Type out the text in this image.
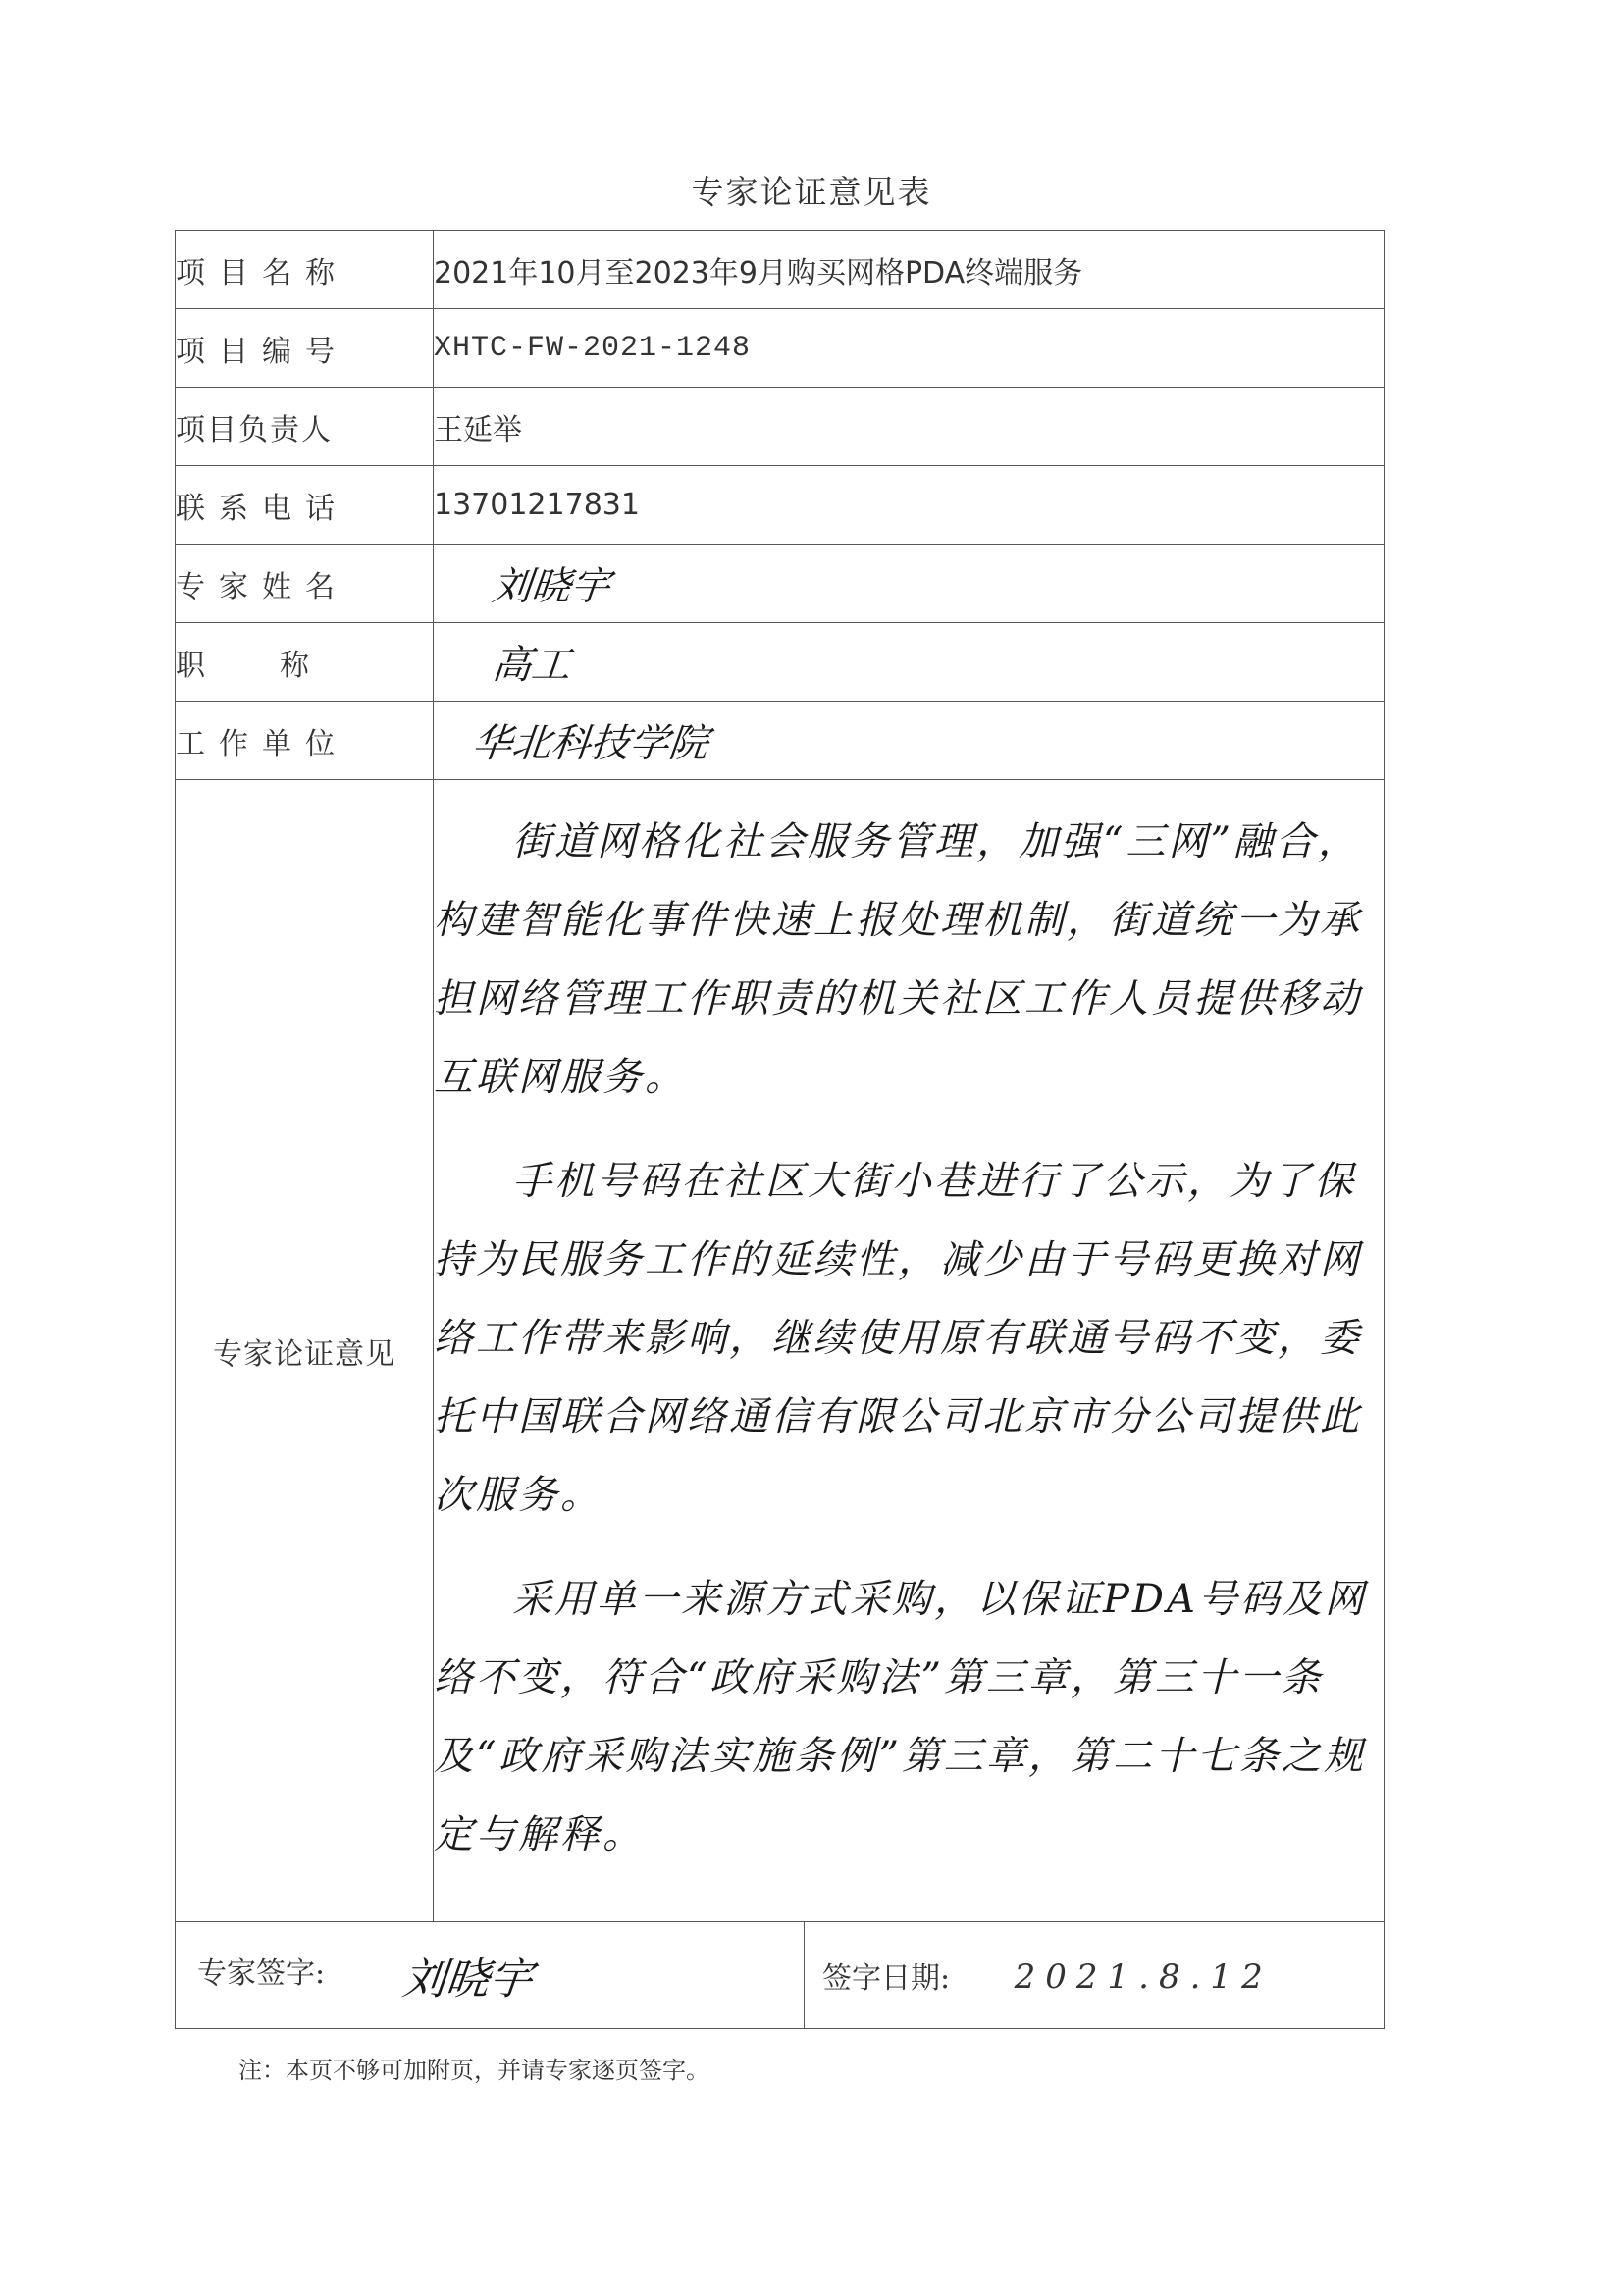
专家论证意见表
项目名称	2021年10月至2023年9月购买网格PDA终端服务	
项目编号	XHTC-FW-2021-1248	
项目负责人	王延举	
联系电话	13701217831	
专家姓名	刘晓宇	
职称	高工	
工作单位	华北科技学院	
专家论证意见	街道网格化社会服务管理，加强“三网”融合，构建智能化事件快速上报处理机制，街道统一为承担网络管理工作职责的机关社区工作人员提供移动互联网服务。

手机号码在社区大街小巷进行了公示，为了保持为民服务工作的延续性，减少由于号码更换对网络工作带来影响，继续使用原有联通号码不变，委托中国联合网络通信有限公司北京市分公司提供此次服务。

采用单一来源方式采购，以保证PDA号码及网络不变，符合“政府采购法”第三章，第三十一条及“政府采购法实施条例”第三章，第二十七条之规定与解释。	

专家签字: 刘晓宇		签字日期: 2021.8.12
注：本页不够可加附页，并请专家逐页签字。
